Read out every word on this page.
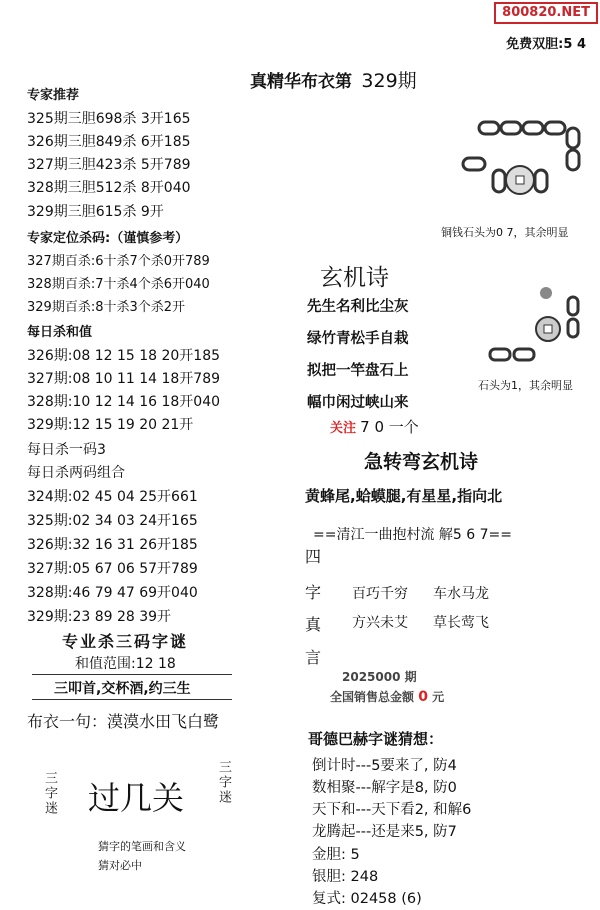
800820.NET
免费双胆:5 4
真精华布衣第 329期
专家推荐
325期三胆698杀 3开165
326期三胆849杀 6开185
327期三胆423杀 5开789
328期三胆512杀 8开040
329期三胆615杀 9开
专家定位杀码:（谨慎参考）
327期百杀:6十杀7个杀0开789
328期百杀:7十杀4个杀6开040
329期百杀:8十杀3个杀2开
每日杀和值
326期:08 12 15 18 20开185
327期:08 10 11 14 18开789
328期:10 12 14 16 18开040
329期:12 15 19 20 21开
每日杀一码3
每日杀两码组合
324期:02 45 04 25开661
325期:02 34 03 24开165
326期:32 16 31 26开185
327期:05 67 06 57开789
328期:46 79 47 69开040
329期:23 89 28 39开
专业杀三码字谜
和值范围:12 18
三叩首,交杯酒,约三生
布衣一句：漠漠水田飞白鹭
三字迷 过几关 三字迷
猜字的笔画和含义
猜对必中
铜钱石头为0 7，其余明显
石头为1，其余明显
玄机诗
先生名利比尘灰
绿竹青松手自栽
拟把一竿盘石上
幅巾闲过峡山来
关注 7 0 一个
急转弯玄机诗
黄蜂尾,蛤蟆腿,有星星,指向北
==清江一曲抱村流 解5 6 7==
四
字
真
言
百巧千穷 车水马龙
方兴未艾 草长莺飞
2025000 期
全国销售总金额 0 元
哥德巴赫字谜猜想：
倒计时---5要来了, 防4
数相聚---解字是8, 防0
天下和---天下看2, 和解6
龙腾起---还是来5, 防7
金胆: 5
银胆: 248
复式: 02458 (6)
